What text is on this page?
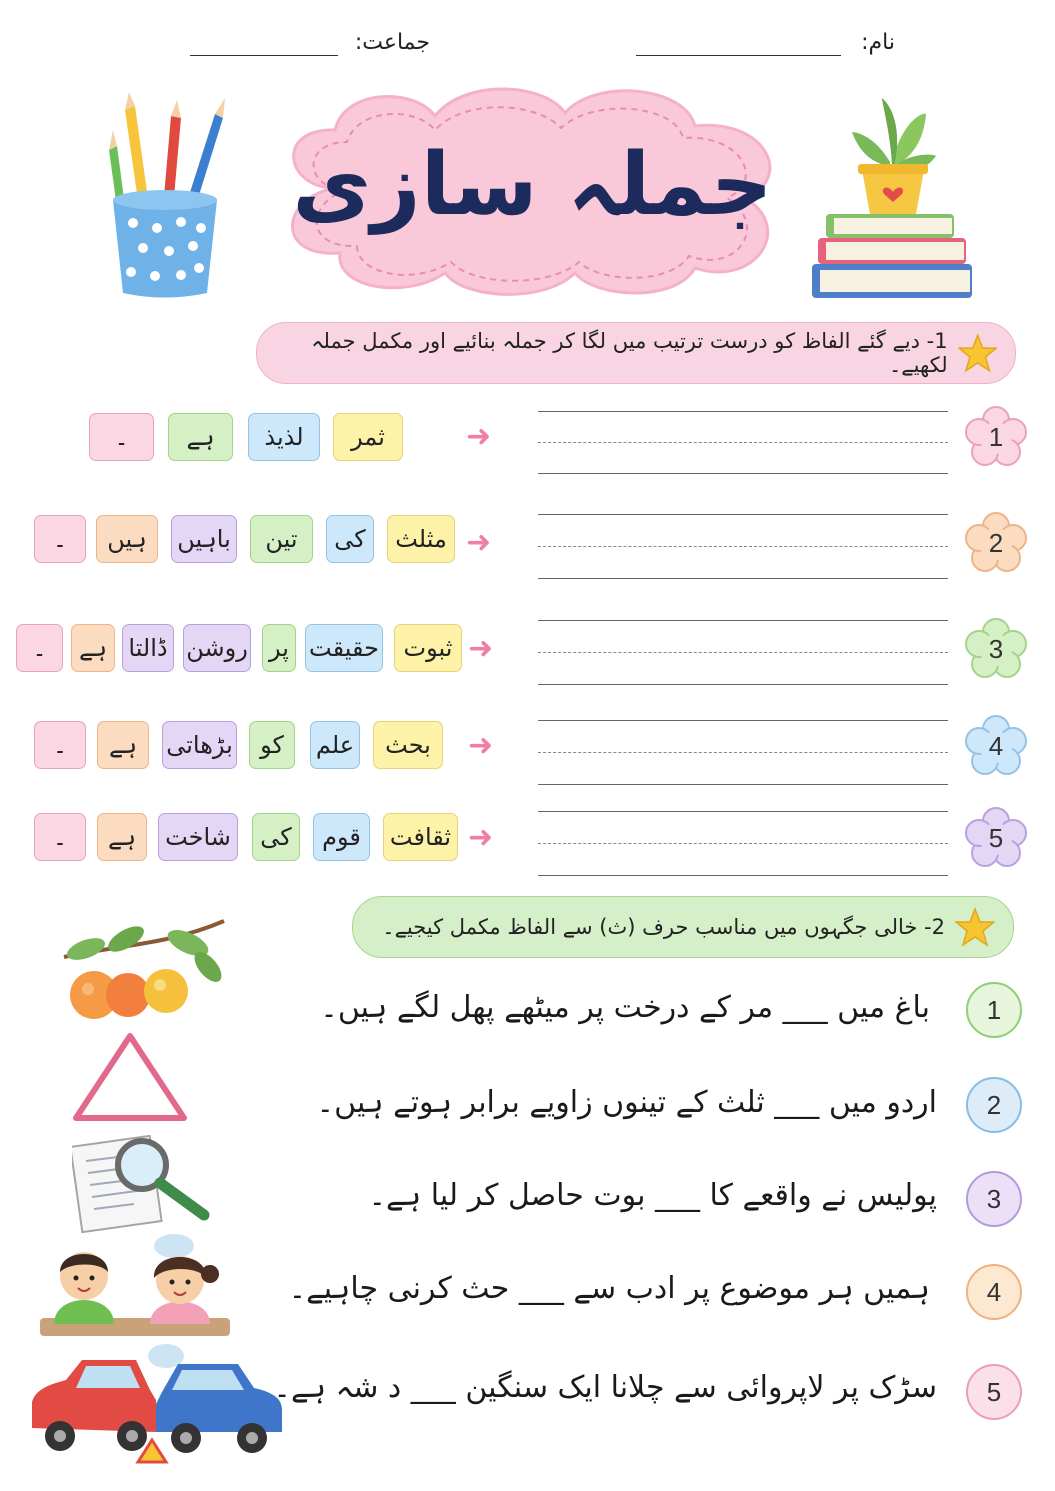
نام:
جماعت:
جملہ سازی
1- دیے گئے الفاظ کو درست ترتیب میں لگا کر جملہ بنائیے اور مکمل جملہ لکھیے۔
1
➜
ثمر
لذیذ
ہے
۔
2
➜
مثلث
کی
تین
باہیں
ہیں
۔
3
➜
ثبوت
حقیقت
پر
روشن
ڈالتا
ہے
۔
4
➜
بحث
علم
کو
بڑھاتی
ہے
۔
5
➜
ثقافت
قوم
کی
شاخت
ہے
۔
2- خالی جگہوں میں مناسب حرف (ث) سے الفاظ مکمل کیجیے۔
1
باغ میں ___ مر کے درخت پر میٹھے پھل لگے ہیں۔
2
اردو میں ___ ثلث کے تینوں زاویے برابر ہوتے ہیں۔
3
پولیس نے واقعے کا ___ بوت حاصل کر لیا ہے۔
4
ہمیں ہر موضوع پر ادب سے ___ حث کرنی چاہیے۔
5
سڑک پر لاپروائی سے چلانا ایک سنگین ___ د شہ ہے۔
